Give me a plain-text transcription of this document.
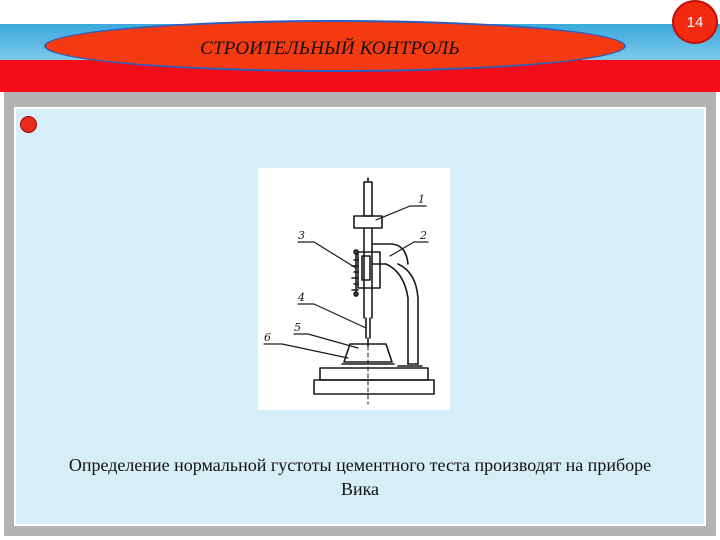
СТРОИТЕЛЬНЫЙ КОНТРОЛЬ
14
1
2
3
4
5
6
Определение нормальной густоты цементного теста производят на приборе
Вика
